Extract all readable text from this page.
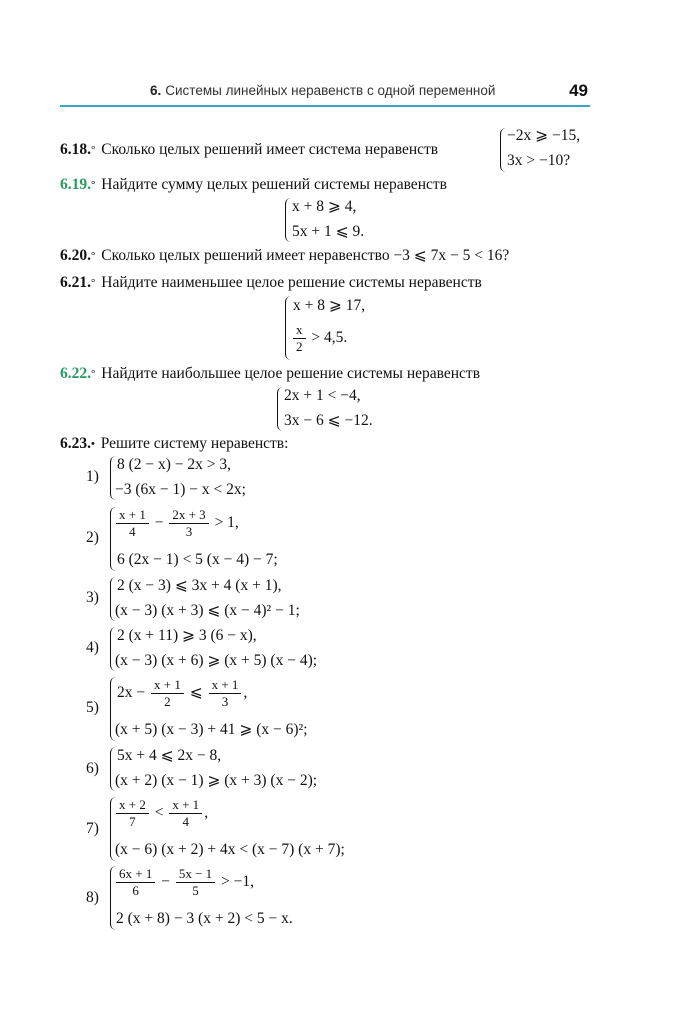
6. Системы линейных неравенств с одной переменной	49
6.18.° Сколько целых решений имеет система неравенств
−2x ⩾ −15,
3x > −10?
6.19.° Найдите сумму целых решений системы неравенств
x + 8 ⩾ 4,
5x + 1 ⩽ 9.
6.20.° Сколько целых решений имеет неравенство −3 ⩽ 7x − 5 < 16?
6.21.° Найдите наименьшее целое решение системы неравенств
x + 8 ⩾ 17,
$\frac{x}{2} > 4,5$.
6.22.° Найдите наибольшее целое решение системы неравенств
2x + 1 < −4,
3x − 6 ⩽ −12.
6.23.• Решите систему неравенств:
1)
8 (2 − x) − 2x > 3,
−3 (6x − 1) − x < 2x;
$2) \frac{x + 1}{4} - \frac{2x + 3}{3} > 1$,
6 (2x − 1) < 5 (x − 4) − 7;
3)
2 (x − 3) ⩽ 3x + 4 (x + 1),
(x − 3) (x + 3) ⩽ (x − 4)² − 1;
4)
2 (x + 11) ⩾ 3 (6 − x),
(x − 3) (x + 6) ⩾ (x + 5) (x − 4);
5)
$2x - \frac{x + 1}{2}$ ⩽ $\frac{x + 1}{3}$ ,
(x + 5) (x − 3) + 41 ⩾ (x − 6)²;
6)
5x + 4 ⩽ 2x − 8,
(x + 2) (x − 1) ⩾ (x + 3) (x − 2);
$7) \frac{x + 2}{7} < \frac{x + 1}{4}$ ,
(x − 6) (x + 2) + 4x < (x − 7) (x + 7);
$8) \frac{6x + 1}{6} - \frac{5x - 1}{5} > -1$,
2 (x + 8) − 3 (x + 2) < 5 − x.
